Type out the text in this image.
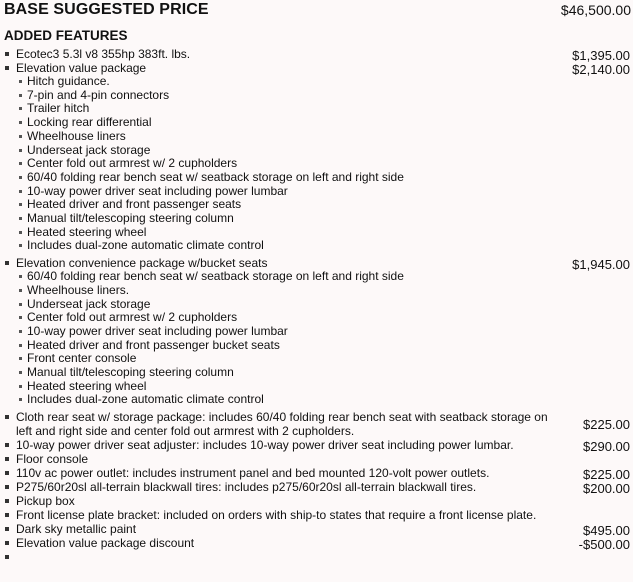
BASE SUGGESTED PRICE	$46,500.00
ADDED FEATURES
Ecotec3 5.3l v8 355hp 383ft. lbs.	$1,395.00
Elevation value package	$2,140.00
Hitch guidance.
7-pin and 4-pin connectors
Trailer hitch
Locking rear differential
Wheelhouse liners
Underseat jack storage
Center fold out armrest w/ 2 cupholders
60/40 folding rear bench seat w/ seatback storage on left and right side
10-way power driver seat including power lumbar
Heated driver and front passenger seats
Manual tilt/telescoping steering column
Heated steering wheel
Includes dual-zone automatic climate control
Elevation convenience package w/bucket seats	$1,945.00
60/40 folding rear bench seat w/ seatback storage on left and right side
Wheelhouse liners.
Underseat jack storage
Center fold out armrest w/ 2 cupholders
10-way power driver seat including power lumbar
Heated driver and front passenger bucket seats
Front center console
Manual tilt/telescoping steering column
Heated steering wheel
Includes dual-zone automatic climate control
Cloth rear seat w/ storage package: includes 60/40 folding rear bench seat with seatback storage on left and right side and center fold out armrest with 2 cupholders.	$225.00
10-way power driver seat adjuster: includes 10-way power driver seat including power lumbar.	$290.00
Floor console
110v ac power outlet: includes instrument panel and bed mounted 120-volt power outlets.	$225.00
P275/60r20sl all-terrain blackwall tires: includes p275/60r20sl all-terrain blackwall tires.	$200.00
Pickup box
Front license plate bracket: included on orders with ship-to states that require a front license plate.
Dark sky metallic paint	$495.00
Elevation value package discount	-$500.00
